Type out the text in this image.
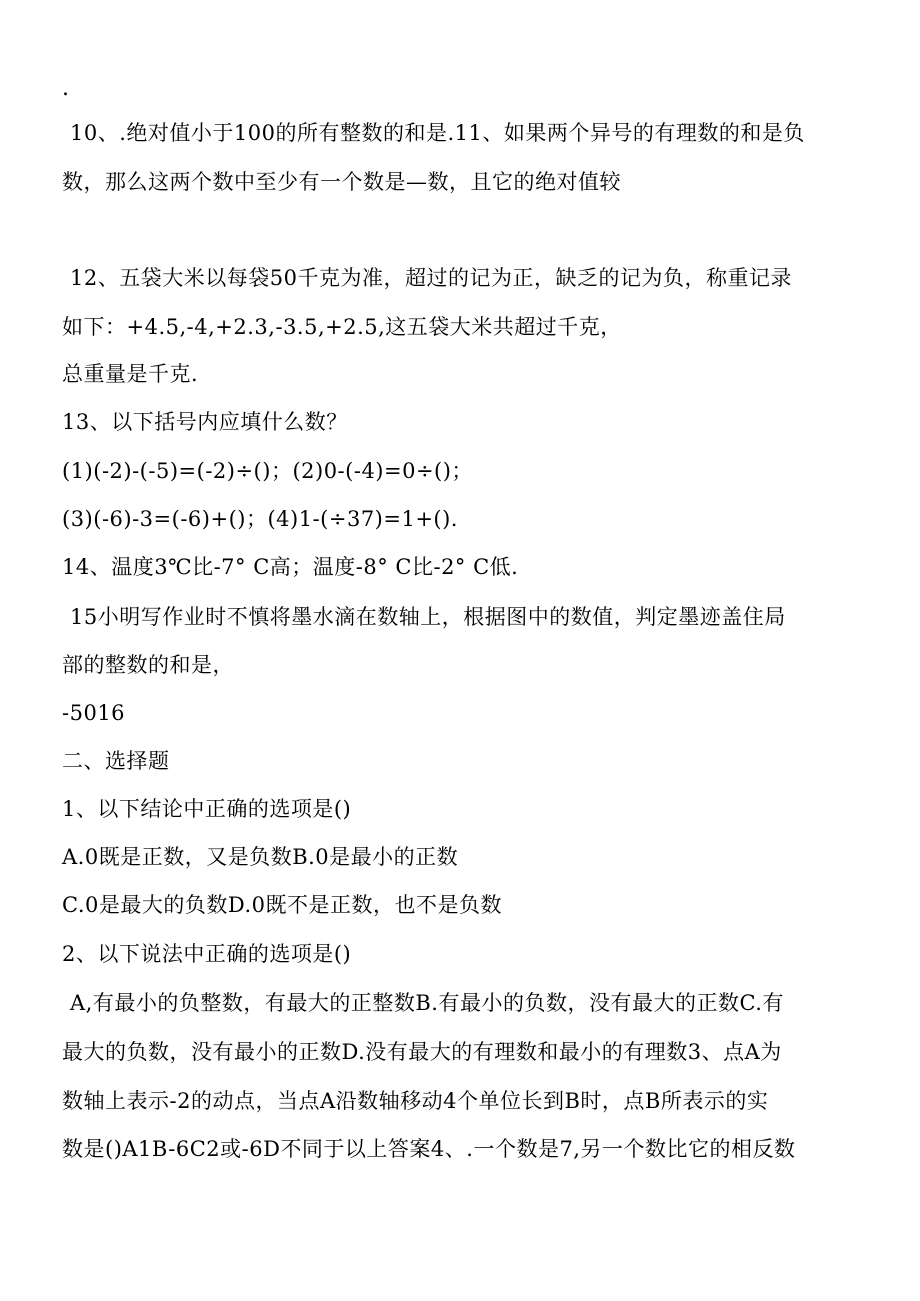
.
10、.绝对值小于100的所有整数的和是.11、如果两个异号的有理数的和是负
数，那么这两个数中至少有一个数是—数，且它的绝对值较
12、五袋大米以每袋50千克为准，超过的记为正，缺乏的记为负，称重记录
如下：+4.5,-4,+2.3,-3.5,+2.5,这五袋大米共超过千克，
总重量是千克.
13、以下括号内应填什么数？
(1)(-2)-(-5)=(-2)÷()；(2)0-(-4)=0÷()；
(3)(-6)-3=(-6)+()；(4)1-(÷37)=1+().
14、温度3℃比-7° C高；温度-8° C比-2° C低.
15小明写作业时不慎将墨水滴在数轴上，根据图中的数值，判定墨迹盖住局
部的整数的和是，
-5016
二、选择题
1、以下结论中正确的选项是()
A.0既是正数，又是负数B.0是最小的正数
C.0是最大的负数D.0既不是正数，也不是负数
2、以下说法中正确的选项是()
A,有最小的负整数，有最大的正整数B.有最小的负数，没有最大的正数C.有
最大的负数，没有最小的正数D.没有最大的有理数和最小的有理数3、点A为
数轴上表示-2的动点，当点A沿数轴移动4个单位长到B时，点B所表示的实
数是()A1B-6C2或-6D不同于以上答案4、.一个数是7,另一个数比它的相反数
